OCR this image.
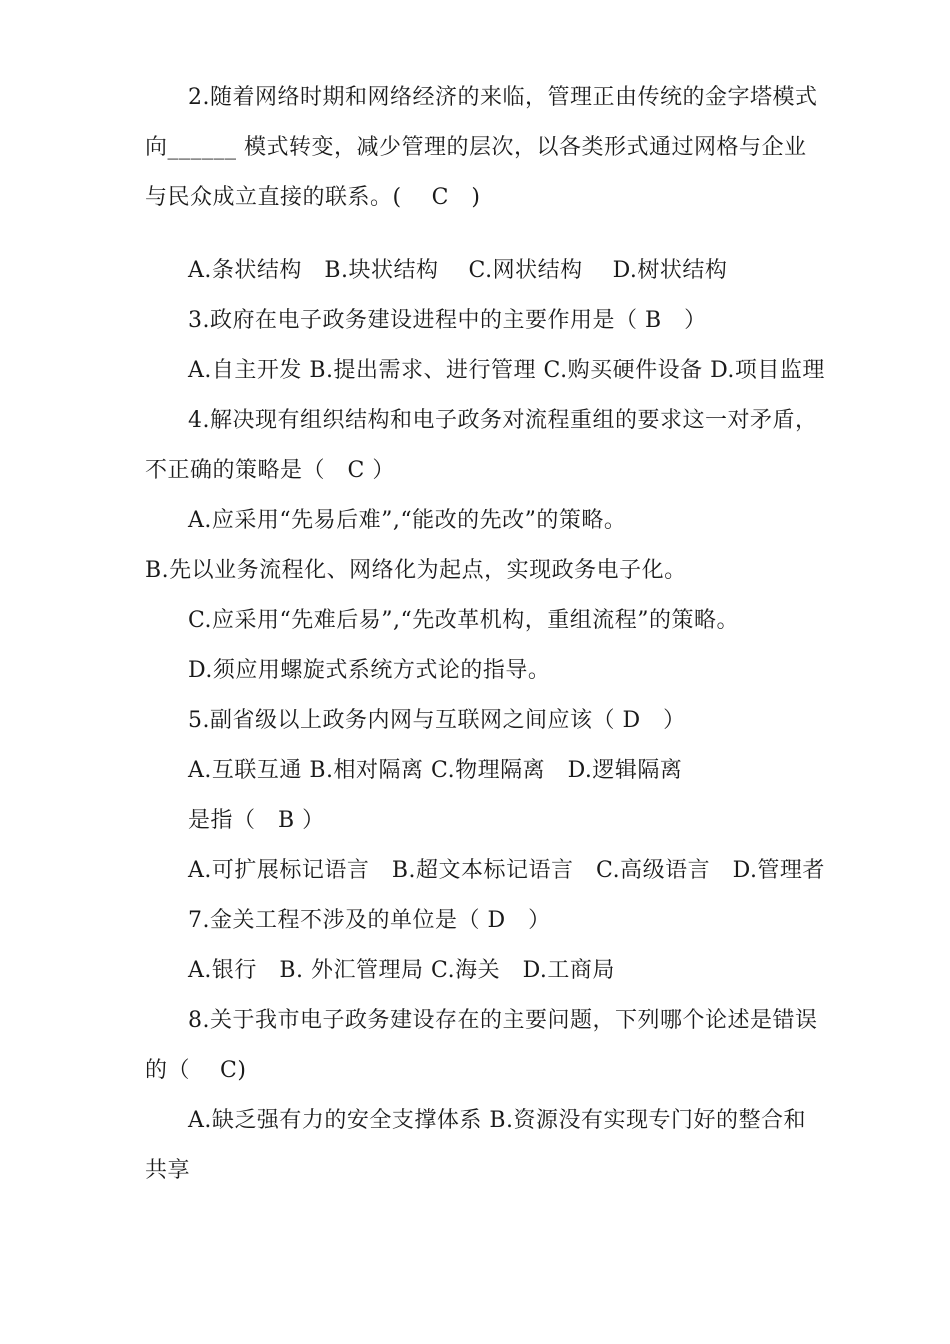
2.随着网络时期和网络经济的来临，管理正由传统的金字塔模式
向______ 模式转变，减少管理的层次，以各类形式通过网格与企业
与民众成立直接的联系。(　 C　)
A.条状结构　B.块状结构　 C.网状结构　 D.树状结构
3.政府在电子政务建设进程中的主要作用是（ B　）
A.自主开发 B.提出需求、进行管理 C.购买硬件设备 D.项目监理
4.解决现有组织结构和电子政务对流程重组的要求这一对矛盾，
不正确的策略是（　C ）
A.应采用“先易后难”,“能改的先改”的策略。
B.先以业务流程化、网络化为起点，实现政务电子化。
C.应采用“先难后易”,“先改革机构，重组流程”的策略。
D.须应用螺旋式系统方式论的指导。
5.副省级以上政务内网与互联网之间应该（ D　）
A.互联互通 B.相对隔离 C.物理隔离　D.逻辑隔离
是指（　B ）
A.可扩展标记语言　B.超文本标记语言　C.高级语言　D.管理者
7.金关工程不涉及的单位是（ D　）
A.银行　B. 外汇管理局 C.海关　D.工商局
8.关于我市电子政务建设存在的主要问题，下列哪个论述是错误
的（　 C)
A.缺乏强有力的安全支撑体系 B.资源没有实现专门好的整合和
共享
